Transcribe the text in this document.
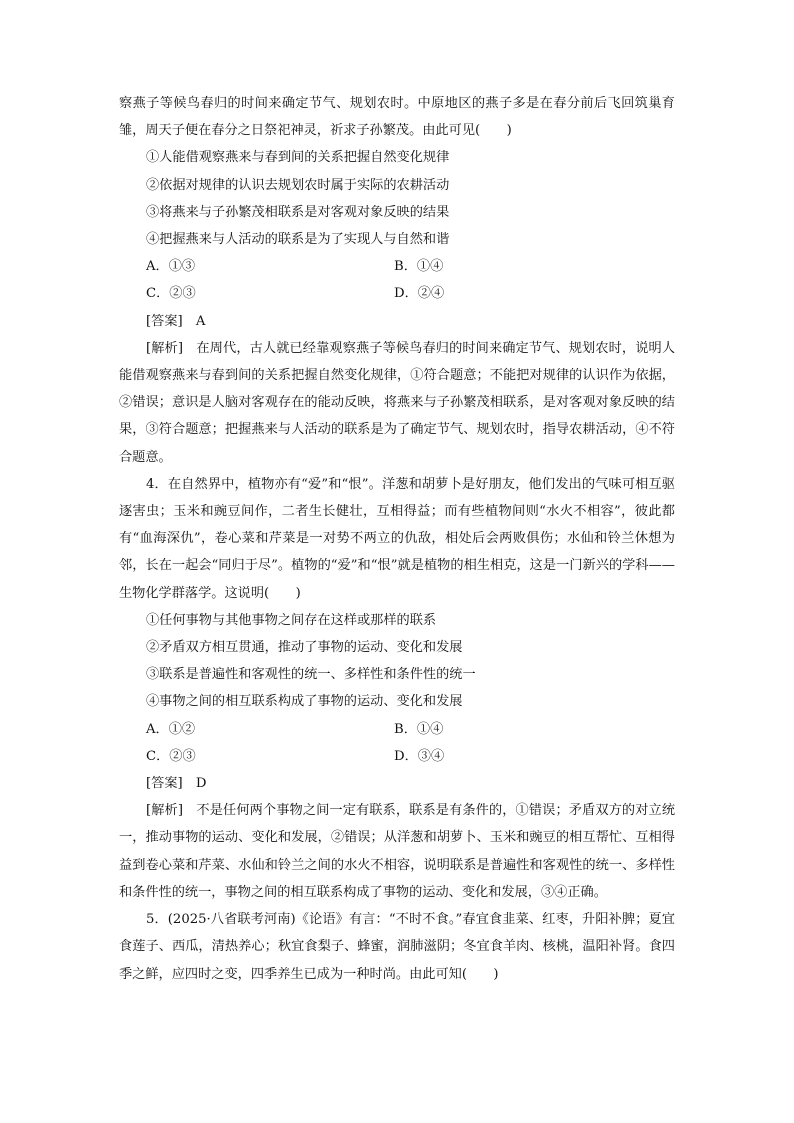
察燕子等候鸟春归的时间来确定节气、规划农时。中原地区的燕子多是在春分前后飞回筑巢育雏，周天子便在春分之日祭祀神灵，祈求子孙繁茂。由此可见(　　)

①人能借观察燕来与春到间的关系把握自然变化规律

②依据对规律的认识去规划农时属于实际的农耕活动

③将燕来与子孙繁茂相联系是对客观对象反映的结果

④把握燕来与人活动的联系是为了实现人与自然和谐

A．①③	B．①④
C．②③	D．②④

[答案]　 A

[解析]　 在周代，古人就已经靠观察燕子等候鸟春归的时间来确定节气、规划农时，说明人能借观察燕来与春到间的关系把握自然变化规律，①符合题意；不能把对规律的认识作为依据，②错误；意识是人脑对客观存在的能动反映，将燕来与子孙繁茂相联系，是对客观对象反映的结果，③符合题意；把握燕来与人活动的联系是为了确定节气、规划农时，指导农耕活动，④不符合题意。

4．在自然界中，植物亦有“爱”和“恨”。洋葱和胡萝卜是好朋友，他们发出的气味可相互驱逐害虫；玉米和豌豆间作，二者生长健壮，互相得益；而有些植物间则“水火不相容”，彼此都有“血海深仇”，卷心菜和芹菜是一对势不两立的仇敌，相处后会两败俱伤；水仙和铃兰休想为邻，长在一起会“同归于尽”。植物的“爱”和“恨”就是植物的相生相克，这是一门新兴的学科——生物化学群落学。这说明(　　)

①任何事物与其他事物之间存在这样或那样的联系

②矛盾双方相互贯通，推动了事物的运动、变化和发展

③联系是普遍性和客观性的统一、多样性和条件性的统一

④事物之间的相互联系构成了事物的运动、变化和发展

A．①②	B．①④
C．②③	D．③④

[答案]　 D

[解析]　 不是任何两个事物之间一定有联系，联系是有条件的，①错误；矛盾双方的对立统一，推动事物的运动、变化和发展，②错误；从洋葱和胡萝卜、玉米和豌豆的相互帮忙、互相得益到卷心菜和芹菜、水仙和铃兰之间的水火不相容，说明联系是普遍性和客观性的统一、多样性和条件性的统一，事物之间的相互联系构成了事物的运动、变化和发展，③④正确。

5．(2025·八省联考河南)《论语》有言：“不时不食。”春宜食韭菜、红枣，升阳补脾；夏宜食莲子、西瓜，清热养心；秋宜食梨子、蜂蜜，润肺滋阴；冬宜食羊肉、核桃，温阳补肾。食四季之鲜，应四时之变，四季养生已成为一种时尚。由此可知(　　)
